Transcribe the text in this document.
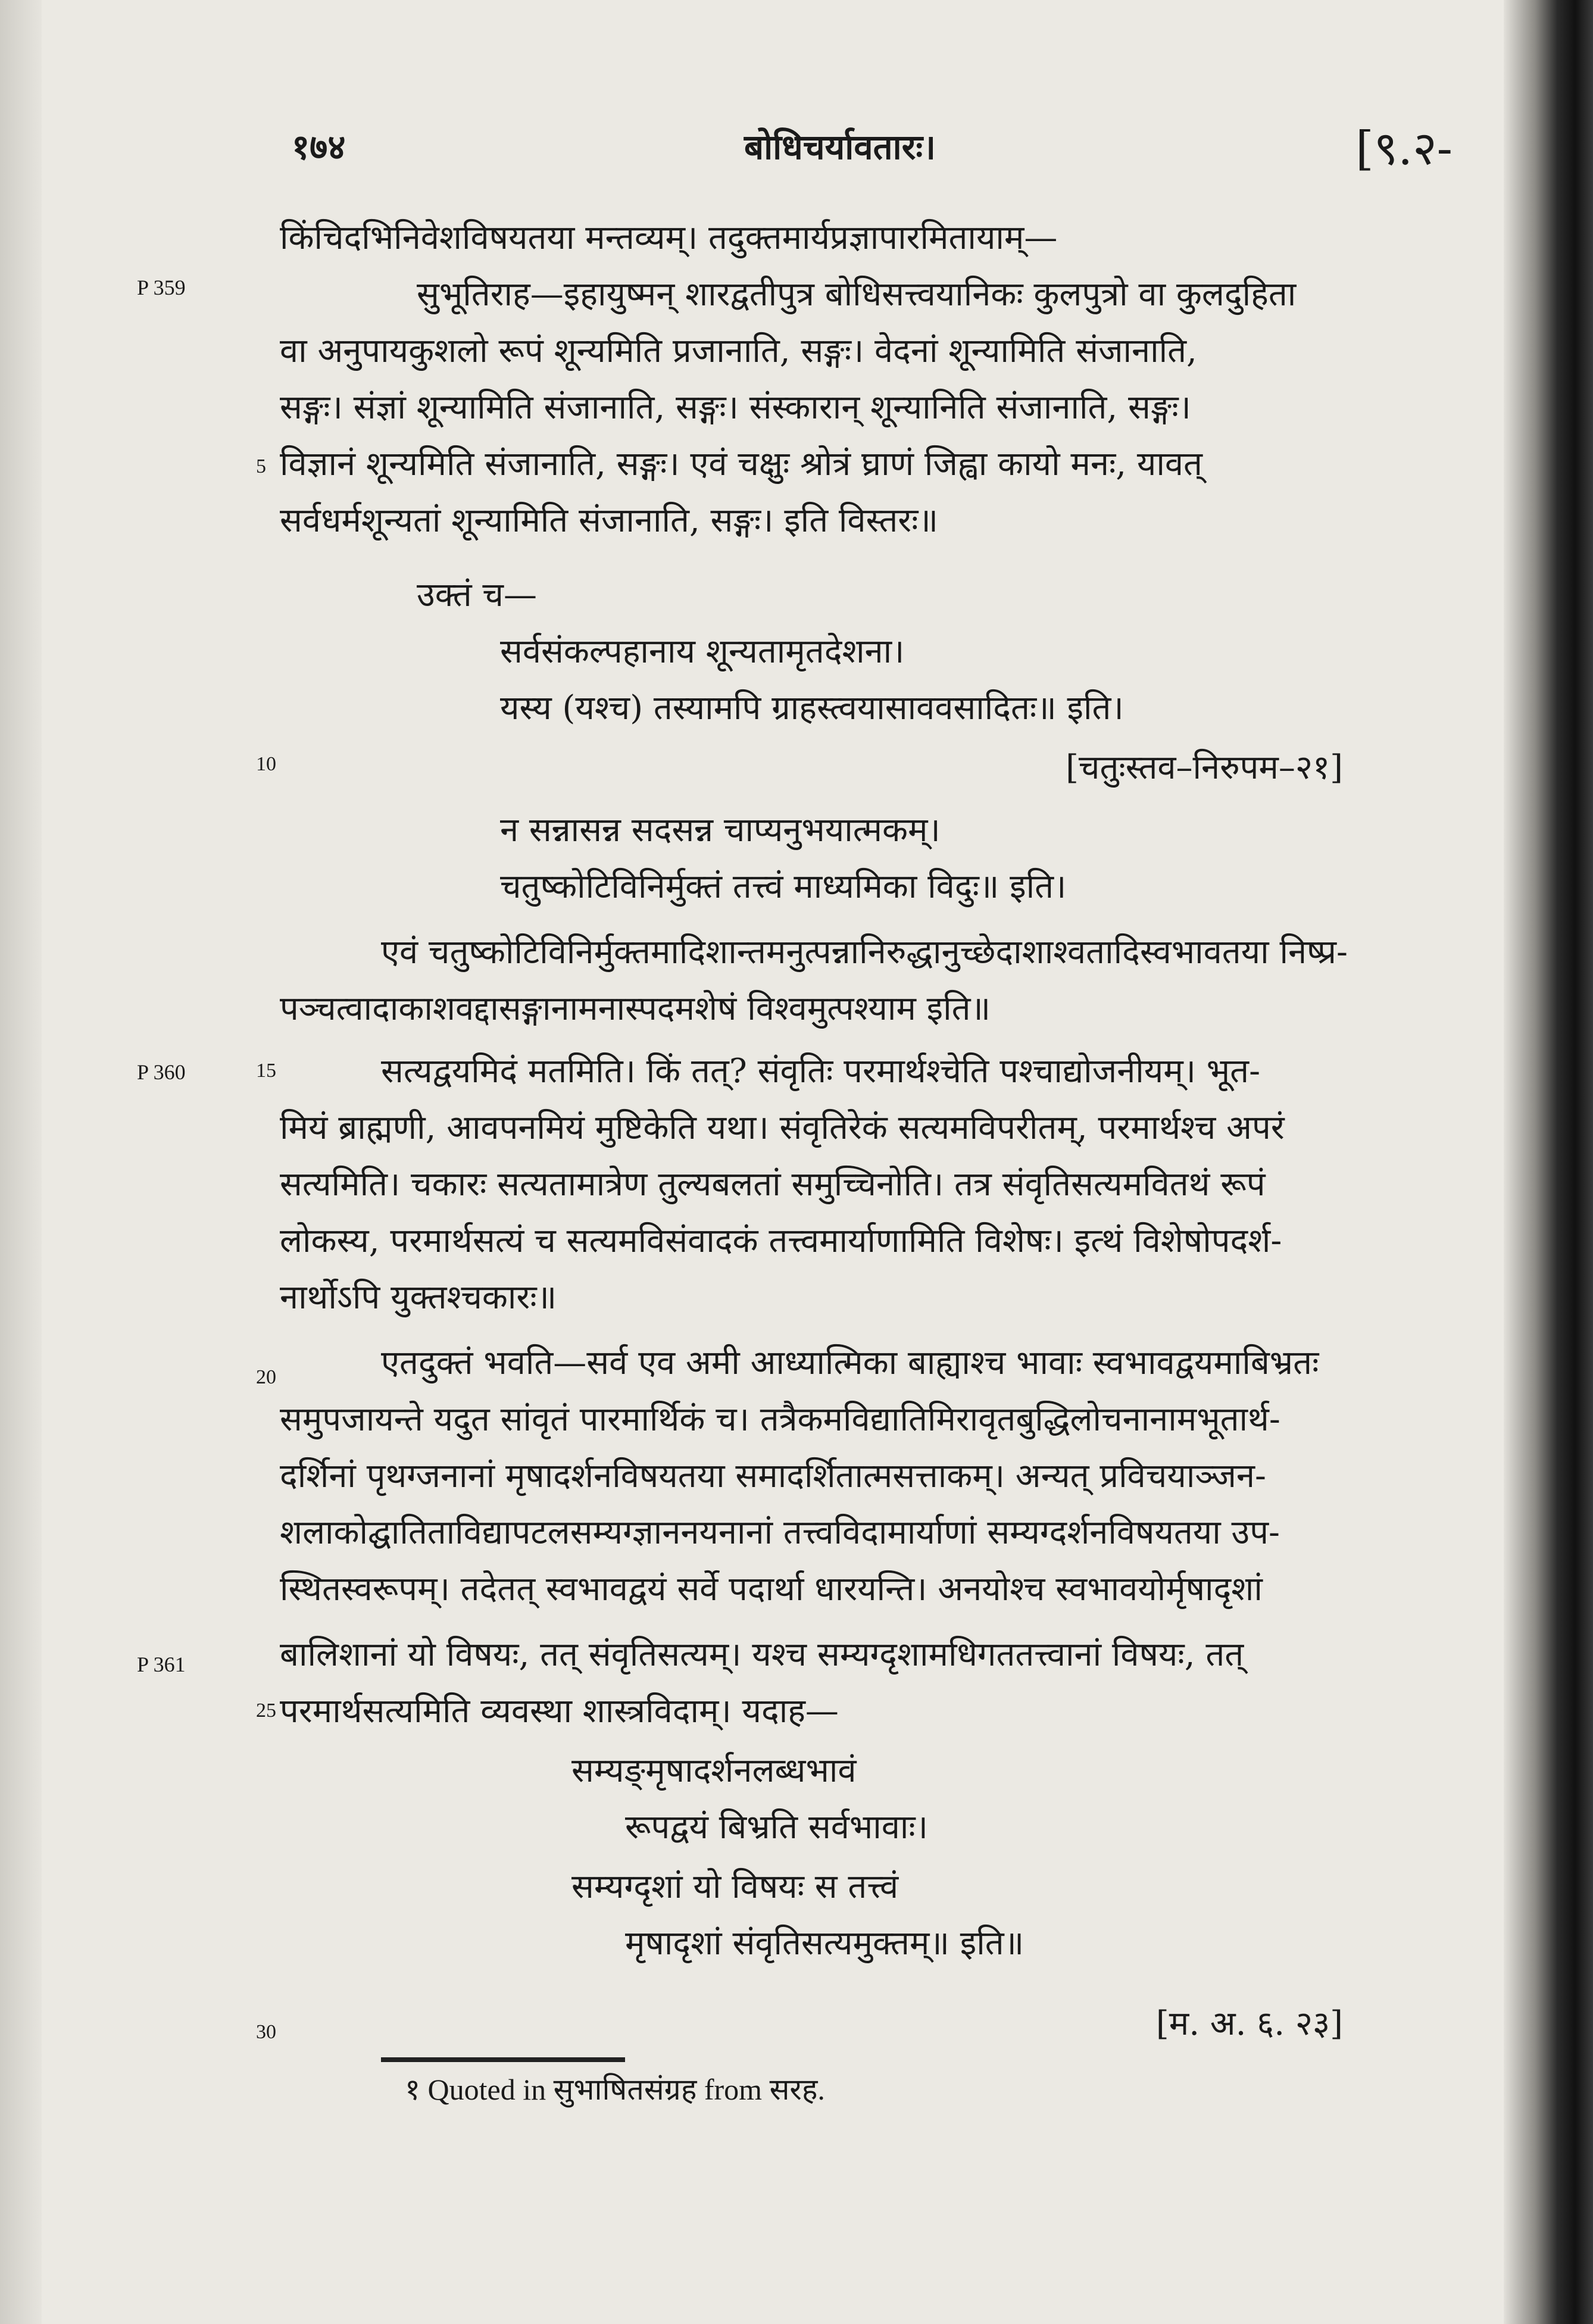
१७४	बोधिचर्यावतारः।	[९.२-
P 359
P 360
P 361
5
10
15
20
25
30
किंचिदभिनिवेशविषयतया मन्तव्यम्। तदुक्तमार्यप्रज्ञापारमितायाम्—
सुभूतिराह—इहायुष्मन् शारद्वतीपुत्र बोधिसत्त्वयानिकः कुलपुत्रो वा कुलदुहिता
वा अनुपायकुशलो रूपं शून्यमिति प्रजानाति, सङ्गः। वेदनां शून्यामिति संजानाति,
सङ्गः। संज्ञां शून्यामिति संजानाति, सङ्गः। संस्कारान् शून्यानिति संजानाति, सङ्गः।
विज्ञानं शून्यमिति संजानाति, सङ्गः। एवं चक्षुः श्रोत्रं घ्राणं जिह्वा कायो मनः, यावत्
सर्वधर्मशून्यतां शून्यामिति संजानाति, सङ्गः। इति विस्तरः॥
उक्तं च—
सर्वसंकल्पहानाय शून्यतामृतदेशना।
यस्य (यश्च) तस्यामपि ग्राहस्त्वयासाववसादितः॥ इति।
[चतुःस्तव–निरुपम–२१]
न सन्नासन्न सदसन्न चाप्यनुभयात्मकम्।
चतुष्कोटिविनिर्मुक्तं तत्त्वं माध्यमिका विदुः॥ इति।
एवं चतुष्कोटिविनिर्मुक्तमादिशान्तमनुत्पन्नानिरुद्धानुच्छेदाशाश्वतादिस्वभावतया निष्प्र-
पञ्चत्वादाकाशवद्दासङ्गानामनास्पदमशेषं विश्वमुत्पश्याम इति॥
सत्यद्वयमिदं मतमिति। किं तत्? संवृतिः परमार्थश्चेति पश्चाद्योजनीयम्। भूत-
मियं ब्राह्मणी, आवपनमियं मुष्टिकेति यथा। संवृतिरेकं सत्यमविपरीतम्, परमार्थश्च अपरं
सत्यमिति। चकारः सत्यतामात्रेण तुल्यबलतां समुच्चिनोति। तत्र संवृतिसत्यमवितथं रूपं
लोकस्य, परमार्थसत्यं च सत्यमविसंवादकं तत्त्वमार्याणामिति विशेषः। इत्थं विशेषोपदर्श-
नार्थोऽपि युक्तश्चकारः॥
एतदुक्तं भवति—सर्व एव अमी आध्यात्मिका बाह्याश्च भावाः स्वभावद्वयमाबिभ्रतः
समुपजायन्ते यदुत सांवृतं पारमार्थिकं च। तत्रैकमविद्यातिमिरावृतबुद्धिलोचनानामभूतार्थ-
दर्शिनां पृथग्जनानां मृषादर्शनविषयतया समादर्शितात्मसत्ताकम्। अन्यत् प्रविचयाञ्जन-
शलाकोद्घातिताविद्यापटलसम्यग्ज्ञाननयनानां तत्त्वविदामार्याणां सम्यग्दर्शनविषयतया उप-
स्थितस्वरूपम्। तदेतत् स्वभावद्वयं सर्वे पदार्था धारयन्ति। अनयोश्च स्वभावयोर्मृषादृशां
बालिशानां यो विषयः, तत् संवृतिसत्यम्। यश्च सम्यग्दृशामधिगततत्त्वानां विषयः, तत्
परमार्थसत्यमिति व्यवस्था शास्त्रविदाम्। यदाह—
सम्यङ्मृषादर्शनलब्धभावं
रूपद्वयं बिभ्रति सर्वभावाः।
सम्यग्दृशां यो विषयः स तत्त्वं
मृषादृशां संवृतिसत्यमुक्तम्॥ इति॥
[म. अ. ६. २३]
१ Quoted in सुभाषितसंग्रह from सरह.
